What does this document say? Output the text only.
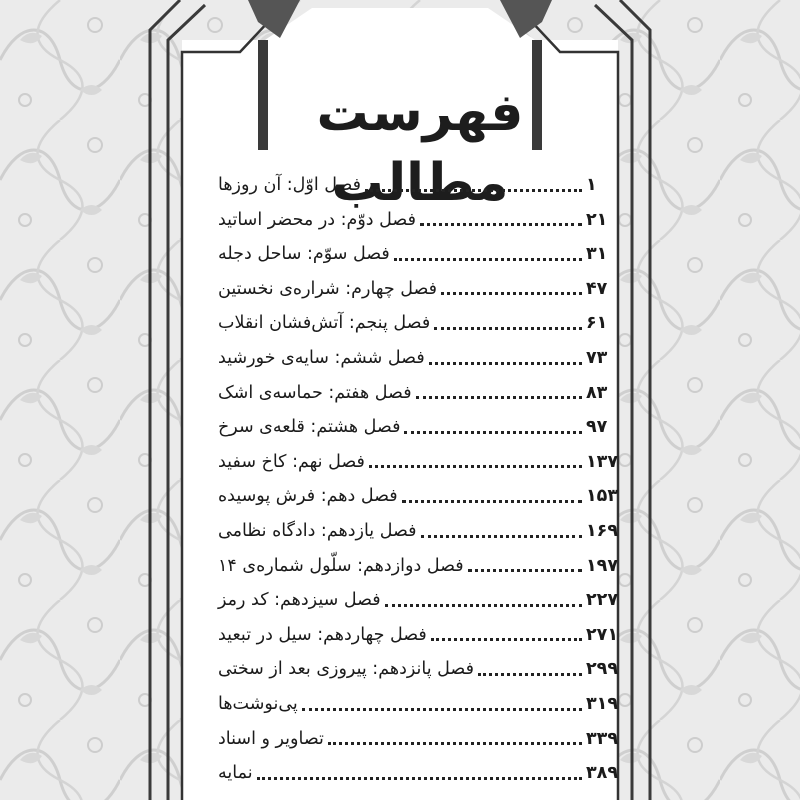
فهرست مطالب
فصل اوّل: آن روزها	۱
فصل دوّم: در محضر اساتید	۲۱
فصل سوّم: ساحل دجله	۳۱
فصل چهارم: شراره‌ی نخستین	۴۷
فصل پنجم: آتش‌فشان انقلاب	۶۱
فصل ششم: سایه‌ی خورشید	۷۳
فصل هفتم: حماسه‌ی اشک	۸۳
فصل هشتم: قلعه‌ی سرخ	۹۷
فصل نهم: کاخ سفید	۱۳۷
فصل دهم: فرش پوسیده	۱۵۳
فصل یازدهم: دادگاه نظامی	۱۶۹
فصل دوازدهم: سلّول شماره‌ی ۱۴	۱۹۷
فصل سیزدهم: کد رمز	۲۲۷
فصل چهاردهم: سیل در تبعید	۲۷۱
فصل پانزدهم: پیروزی بعد از سختی	۲۹۹
پی‌نوشت‌ها	۳۱۹
تصاویر و اسناد	۳۳۹
نمایه	۳۸۹
